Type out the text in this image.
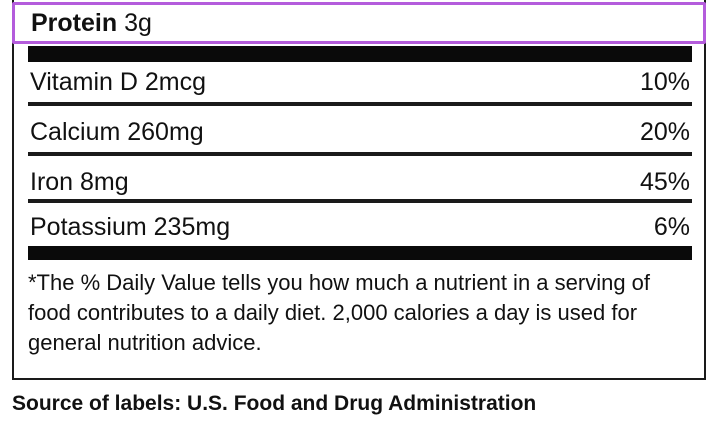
Protein 3g
Vitamin D 2mcg	10%
Calcium 260mg	20%
Iron 8mg	45%
Potassium 235mg	6%
*The % Daily Value tells you how much a nutrient in a serving of food contributes to a daily diet. 2,000 calories a day is used for general nutrition advice.
Source of labels: U.S. Food and Drug Administration
